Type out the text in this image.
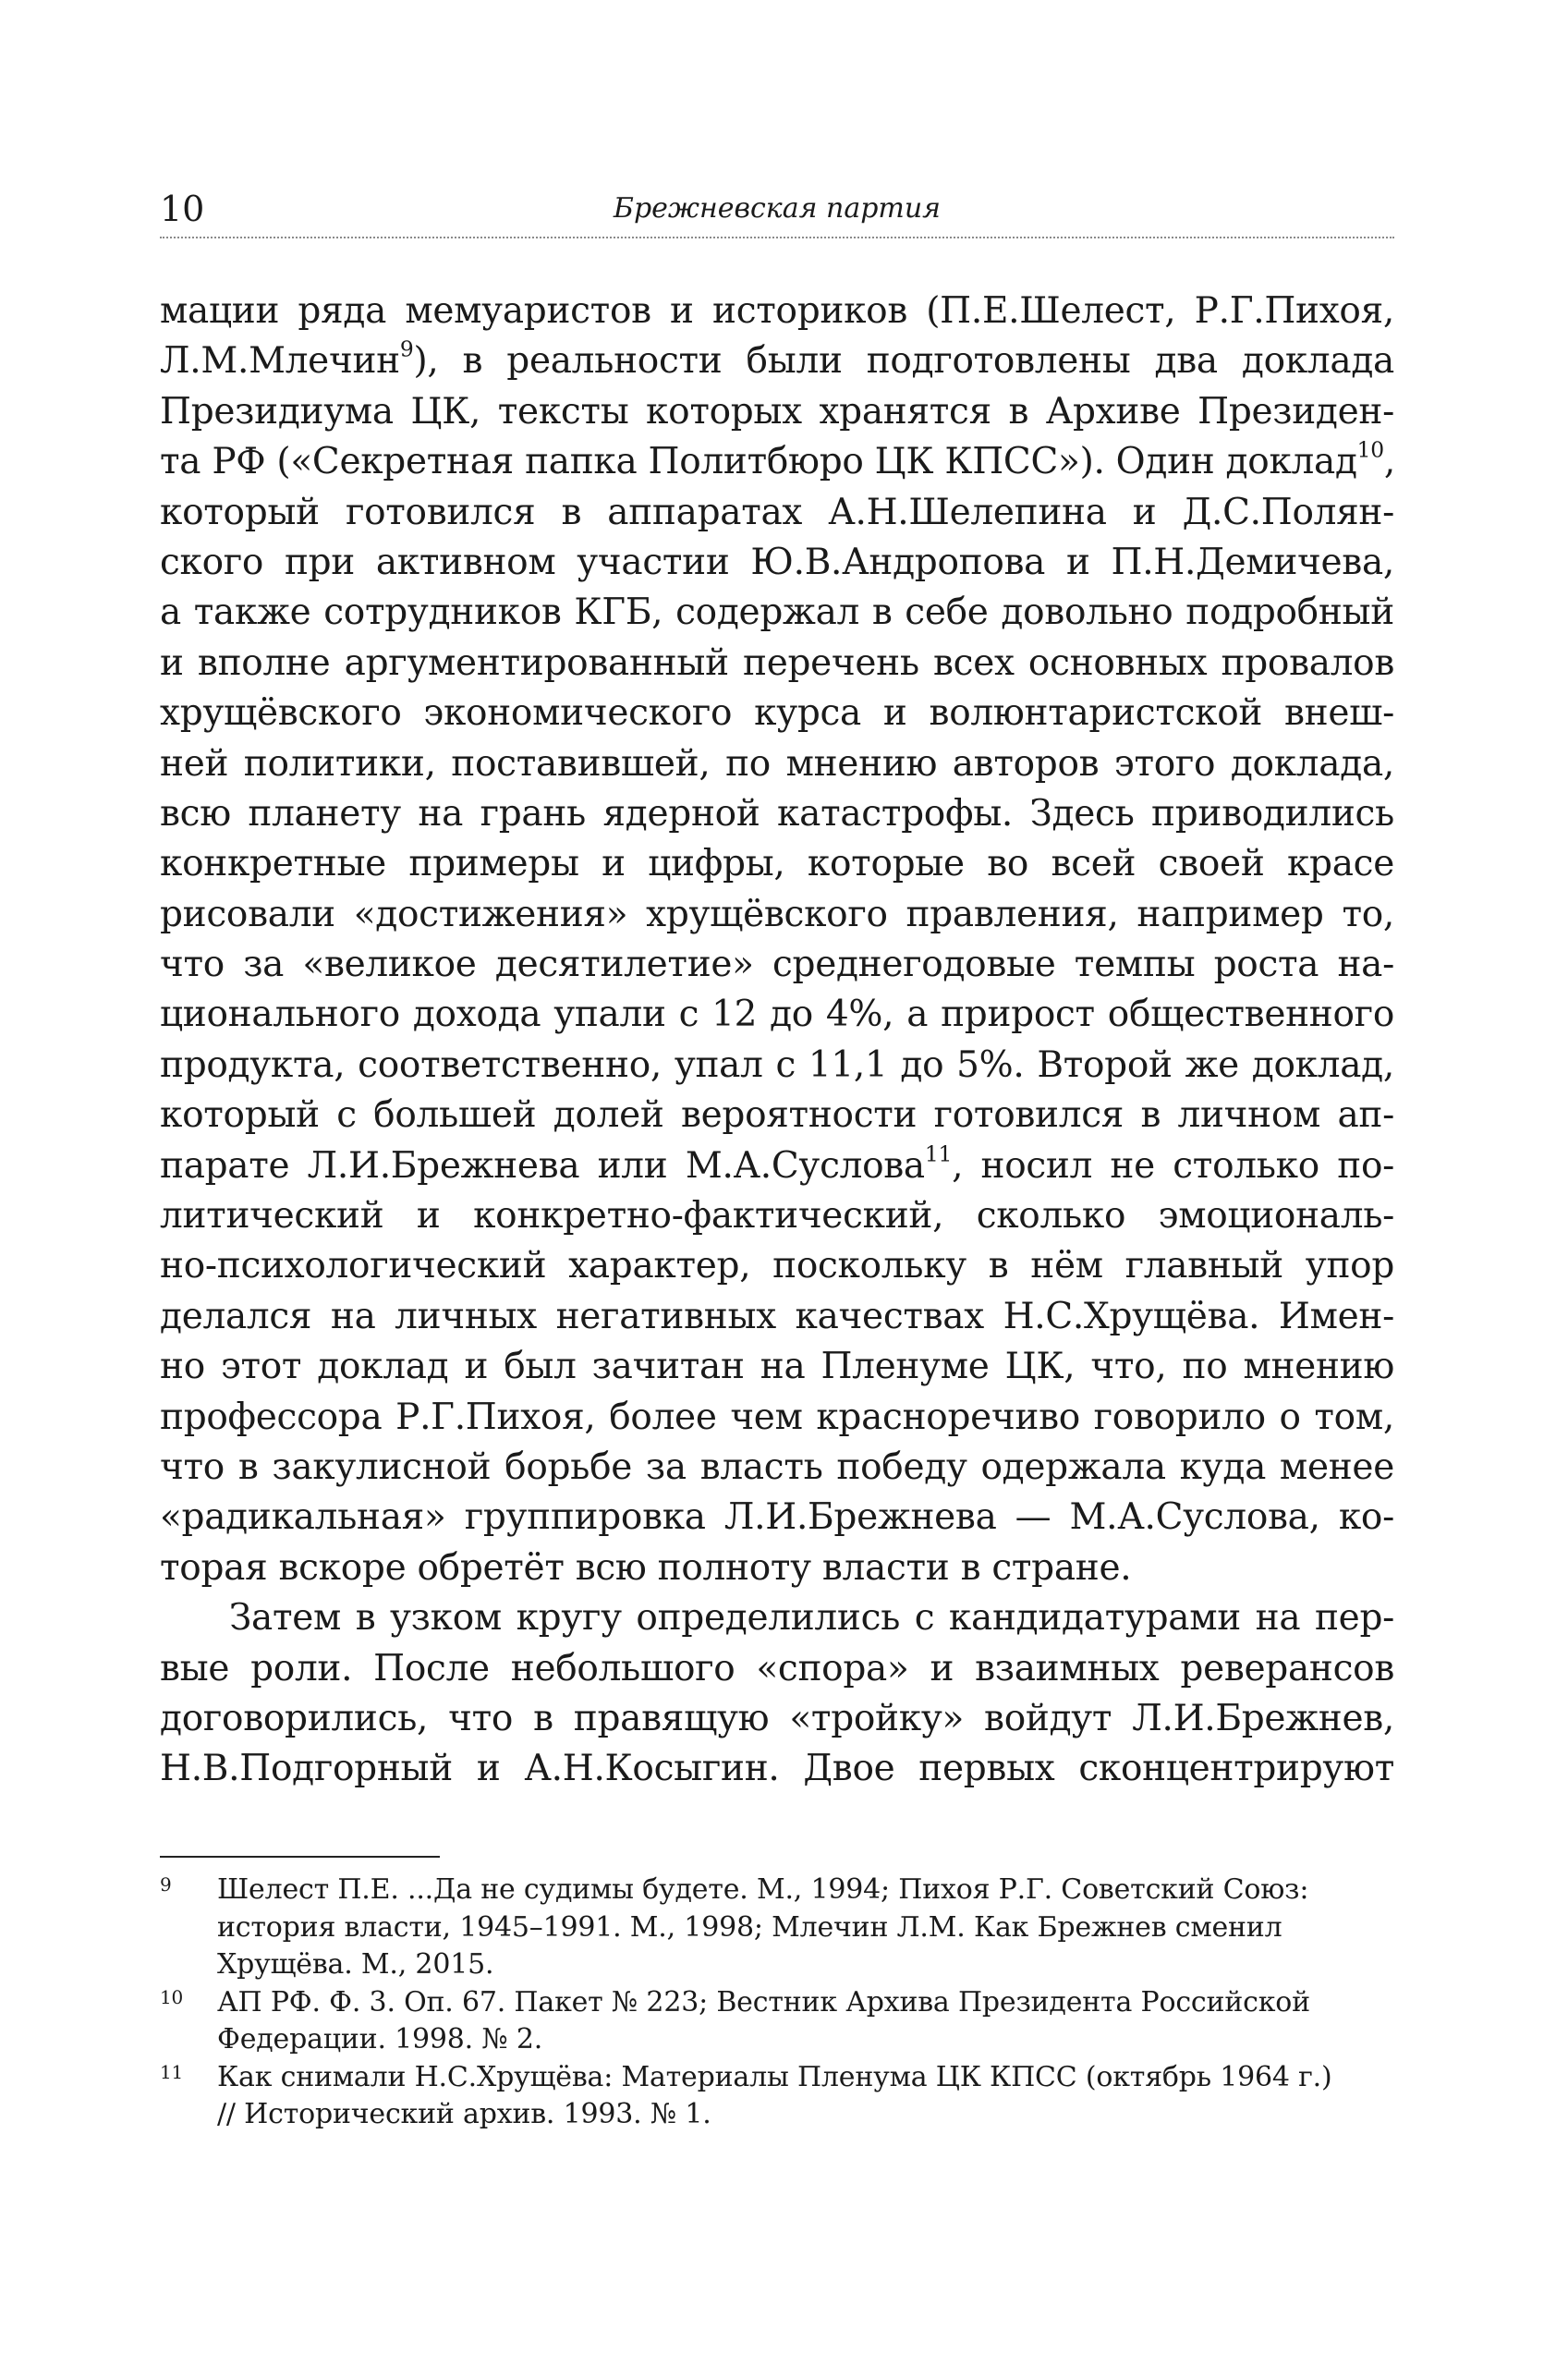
10	Брежневская партия
мации ряда мемуаристов и историков (П.Е.Шелест, Р.Г.Пихоя,
Л.М.Млечин$^9$), в реальности были подготовлены два доклада
Президиума ЦК, тексты которых хранятся в Архиве Президен-
та РФ («Секретная папка Политбюро ЦК КПСС»). Один доклад$^{10}$,
который готовился в аппаратах А.Н.Шелепина и Д.С.Полян-
ского при активном участии Ю.В.Андропова и П.Н.Демичева,
а также сотрудников КГБ, содержал в себе довольно подробный
и вполне аргументированный перечень всех основных провалов
хрущёвского экономического курса и волюнтаристской внеш-
ней политики, поставившей, по мнению авторов этого доклада,
всю планету на грань ядерной катастрофы. Здесь приводились
конкретные примеры и цифры, которые во всей своей красе
рисовали «достижения» хрущёвского правления, например то,
что за «великое десятилетие» среднегодовые темпы роста на-
ционального дохода упали с 12 до 4%, а прирост общественного
продукта, соответственно, упал с 11,1 до 5%. Второй же доклад,
который с большей долей вероятности готовился в личном ап-
парате Л.И.Брежнева или М.А.Суслова$^{11}$, носил не столько по-
литический и конкретно-фактический, сколько эмоциональ-
но-психологический характер, поскольку в нём главный упор
делался на личных негативных качествах Н.С.Хрущёва. Имен-
но этот доклад и был зачитан на Пленуме ЦК, что, по мнению
профессора Р.Г.Пихоя, более чем красноречиво говорило о том,
что в закулисной борьбе за власть победу одержала куда менее
«радикальная» группировка Л.И.Брежнева — М.А.Суслова, ко-
торая вскоре обретёт всю полноту власти в стране.
Затем в узком кругу определились с кандидатурами на пер-
вые роли. После небольшого «спора» и взаимных реверансов
договорились, что в правящую «тройку» войдут Л.И.Брежнев,
Н.В.Подгорный и А.Н.Косыгин. Двое первых сконцентрируют
9 Шелест П.Е. ...Да не судимы будете. М., 1994; Пихоя Р.Г. Советский Союз:
история власти, 1945–1991. М., 1998; Млечин Л.М. Как Брежнев сменил
Хрущёва. М., 2015.
10 АП РФ. Ф. 3. Оп. 67. Пакет № 223; Вестник Архива Президента Российской
Федерации. 1998. № 2.
11 Как снимали Н.С.Хрущёва: Материалы Пленума ЦК КПСС (октябрь 1964 г.)
// Исторический архив. 1993. № 1.
